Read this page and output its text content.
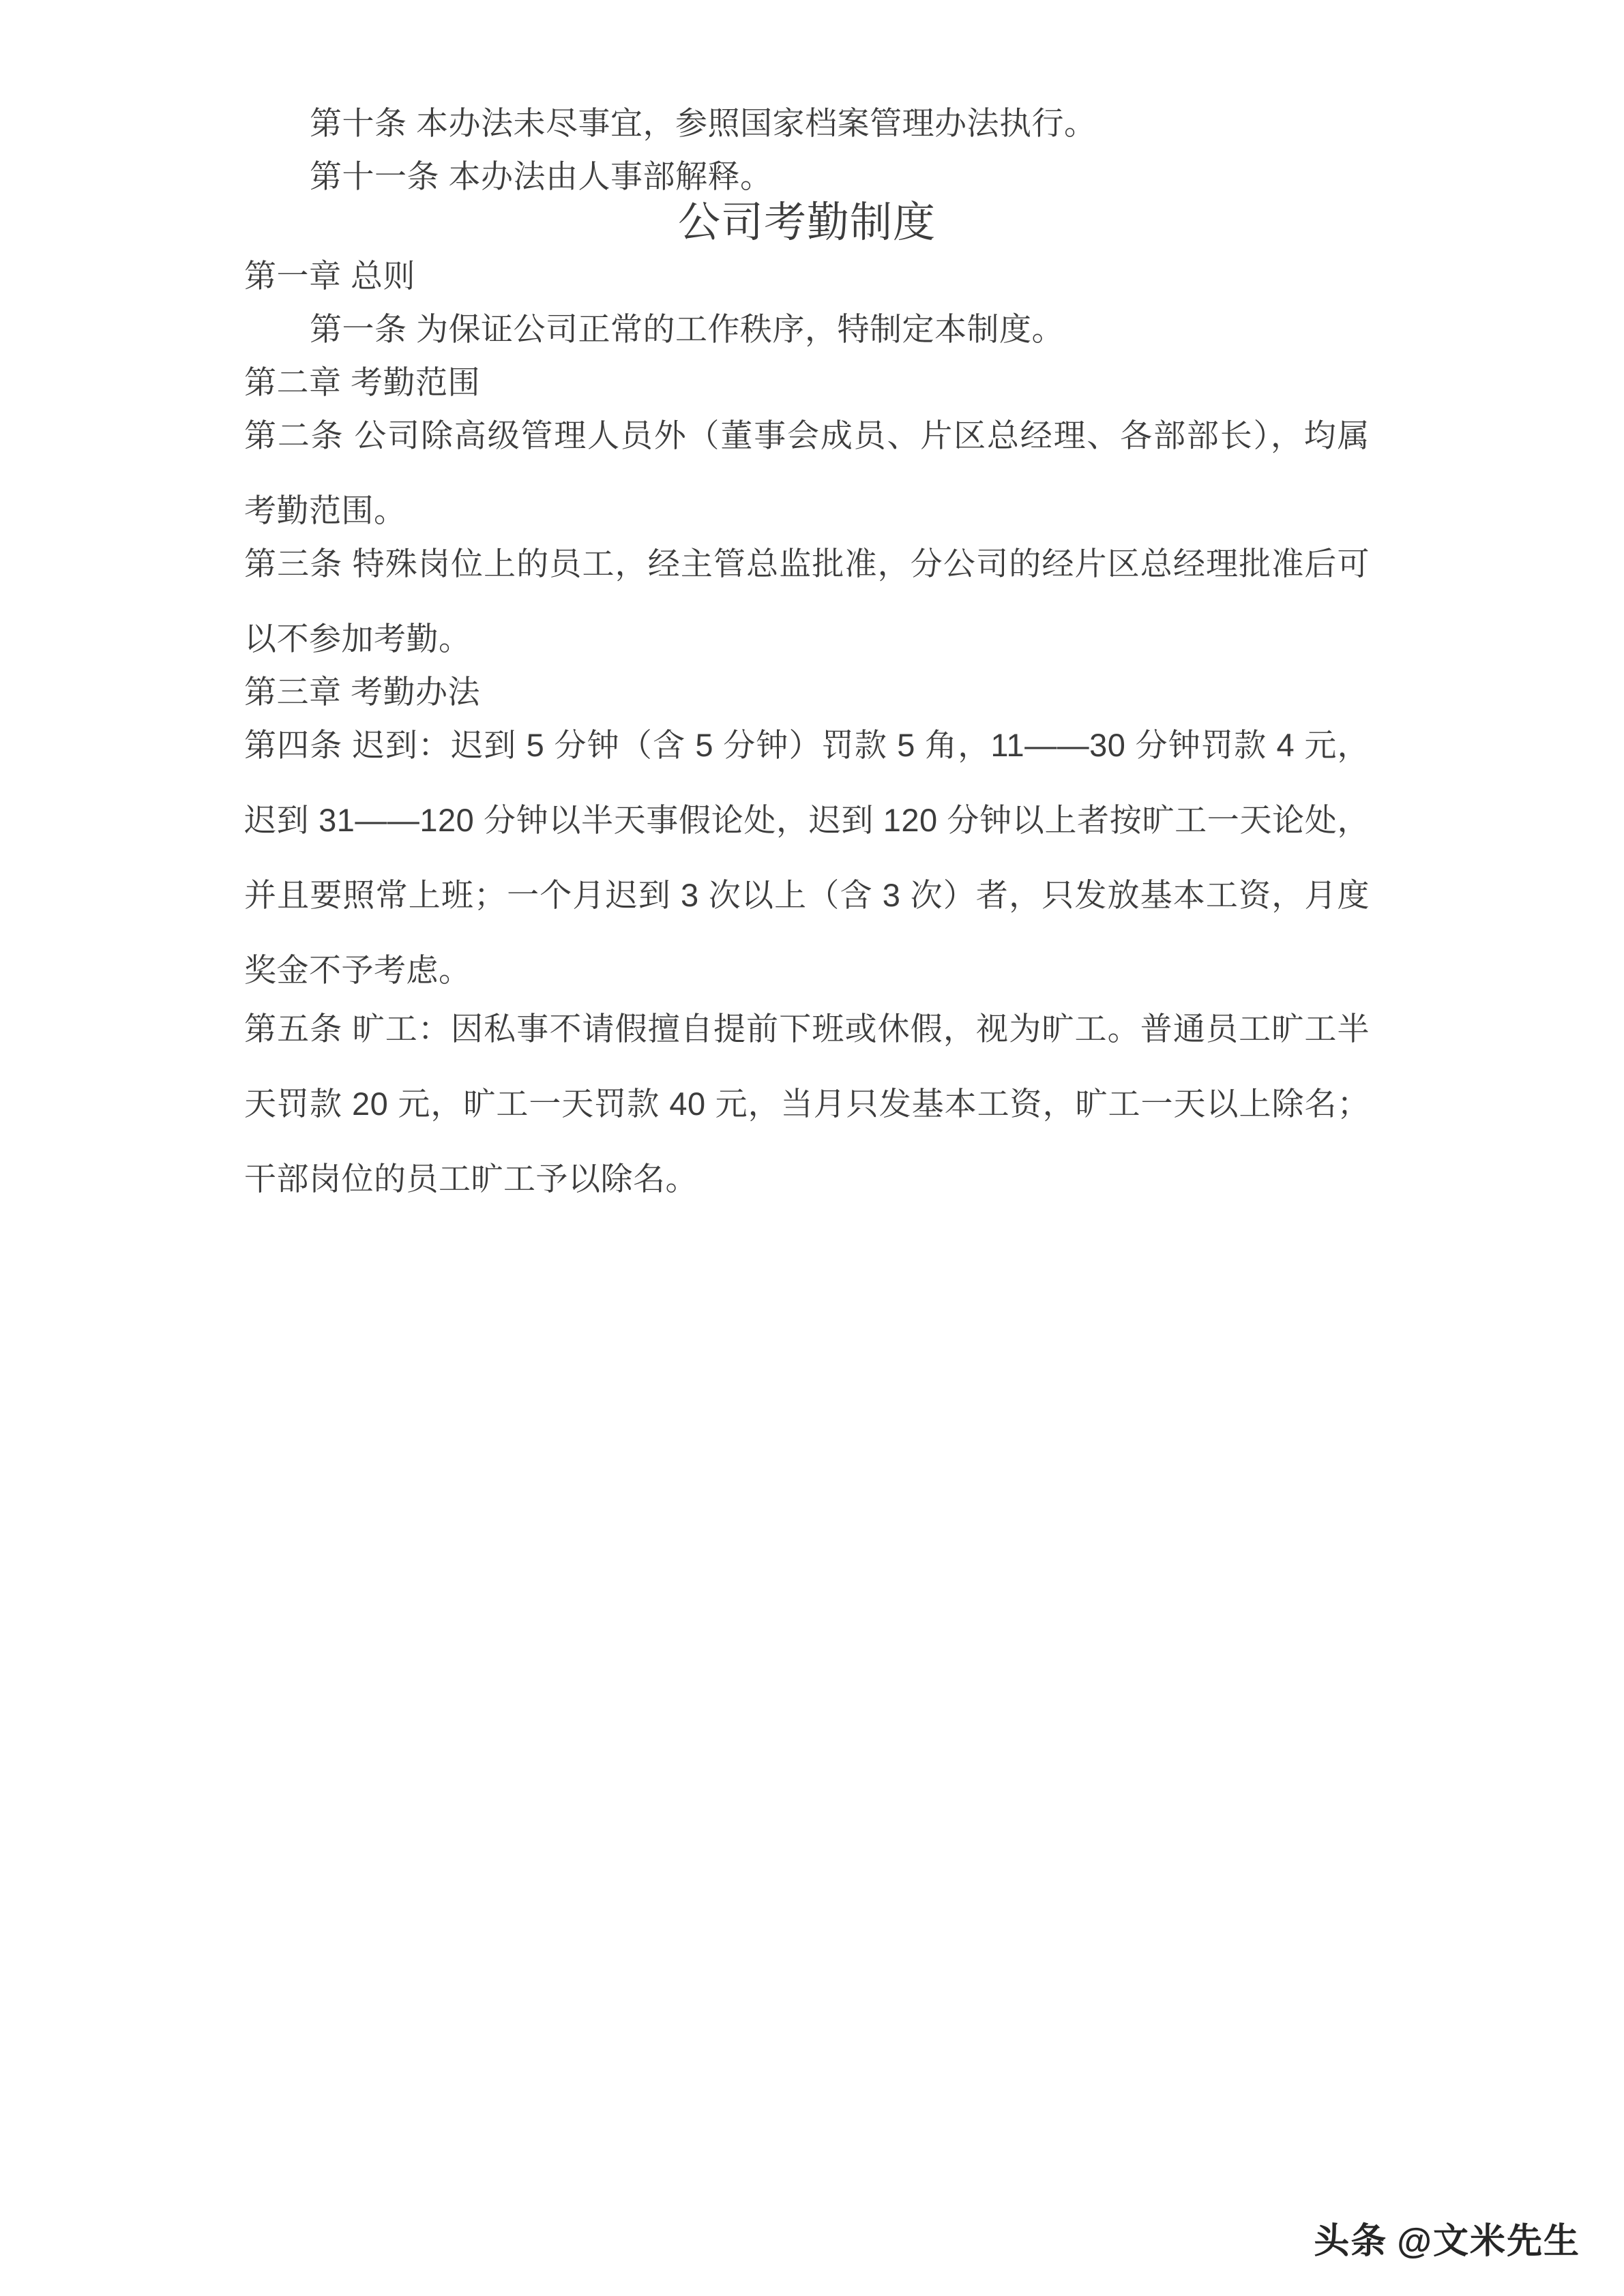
第十条 本办法未尽事宜，参照国家档案管理办法执行。

第十一条 本办法由人事部解释。

公司考勤制度
第一章 总则

第一条 为保证公司正常的工作秩序，特制定本制度。

第二章 考勤范围

第二条 公司除高级管理人员外（董事会成员、片区总经理、各部部长），均属考勤范围。

第三条 特殊岗位上的员工，经主管总监批准，分公司的经片区总经理批准后可以不参加考勤。

第三章 考勤办法

第四条 迟到：迟到 5 分钟（含 5 分钟）罚款 5 角，11——30 分钟罚款 4 元，迟到 31——120 分钟以半天事假论处，迟到 120 分钟以上者按旷工一天论处，并且要照常上班；一个月迟到 3 次以上（含 3 次）者，只发放基本工资，月度奖金不予考虑。

第五条 旷工：因私事不请假擅自提前下班或休假，视为旷工。普通员工旷工半天罚款 20 元，旷工一天罚款 40 元，当月只发基本工资，旷工一天以上除名；干部岗位的员工旷工予以除名。

头条 @文米先生
